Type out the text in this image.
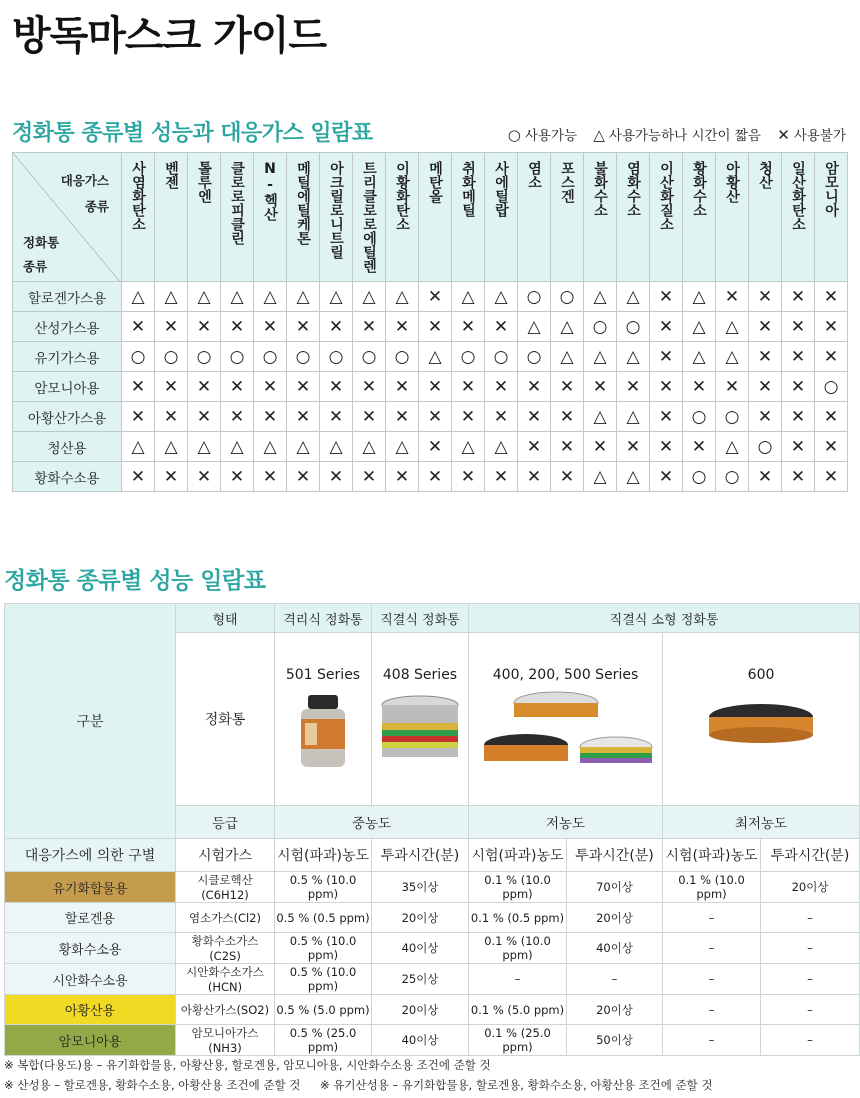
방독마스크 가이드
정화통 종류별 성능과 대응가스 일람표	○ 사용가능 △ 사용가능하나 시간이 짧음 ✕ 사용불가
대응가스
종류
정화통
종류	사염화탄소	벤젠	톨루엔	클로로피클린	N-헥산	메틸에틸케톤	아크릴로니트릴	트리클로로에틸렌	이황화탄소	메탄올	취화메틸	사에틸랍	염소	포스겐	불화수소	염화수소	이산화질소	황화수소	아황산	청산	일산화탄소	암모니아

할로겐가스용	△	△	△	△	△	△	△	△	△	✕	△	△	○	○	△	△	✕	△	✕	✕	✕	✕
산성가스용	✕	✕	✕	✕	✕	✕	✕	✕	✕	✕	✕	✕	△	△	○	○	✕	△	△	✕	✕	✕
유기가스용	○	○	○	○	○	○	○	○	○	△	○	○	○	△	△	△	✕	△	△	✕	✕	✕
암모니아용	✕	✕	✕	✕	✕	✕	✕	✕	✕	✕	✕	✕	✕	✕	✕	✕	✕	✕	✕	✕	✕	○
아황산가스용	✕	✕	✕	✕	✕	✕	✕	✕	✕	✕	✕	✕	✕	✕	△	△	✕	○	○	✕	✕	✕
청산용	△	△	△	△	△	△	△	△	△	✕	△	△	✕	✕	✕	✕	✕	✕	△	○	✕	✕
황화수소용	✕	✕	✕	✕	✕	✕	✕	✕	✕	✕	✕	✕	✕	✕	△	△	✕	○	○	✕	✕	✕
정화통 종류별 성능 일람표
구분	형태	격리식 정화통	직결식 정화통	직결식 소형 정화통			
	정화통	501 Series	408 Series	400, 200, 500 Series		600	

	등급	중농도		저농도		최저농도	
대응가스에 의한 구별	시험가스	시험(파과)농도	투과시간(분)	시험(파과)농도	투과시간(분)	시험(파과)농도	투과시간(분)
유기화합물용	시클로헥산(C6H12)	0.5 % (10.0 ppm)	35이상	0.1 % (10.0 ppm)	70이상	0.1 % (10.0 ppm)	20이상
할로겐용	염소가스(Cl2)	0.5 % (0.5 ppm)	20이상	0.1 % (0.5 ppm)	20이상	–	–
황화수소용	황화수소가스(C2S)	0.5 % (10.0 ppm)	40이상	0.1 % (10.0 ppm)	40이상	–	–
시안화수소용	시안화수소가스(HCN)	0.5 % (10.0 ppm)	25이상	–	–	–	–
아황산용	아황산가스(SO2)	0.5 % (5.0 ppm)	20이상	0.1 % (5.0 ppm)	20이상	–	–
암모니아용	암모니아가스(NH3)	0.5 % (25.0 ppm)	40이상	0.1 % (25.0 ppm)	50이상	–	–
※ 복합(다용도)용 – 유기화합물용, 아황산용, 할로겐용, 암모니아용, 시안화수소용 조건에 준할 것
※ 산성용 – 할로겐용, 황화수소용, 아황산용 조건에 준할 것 ※ 유기산성용 – 유기화합물용, 할로겐용, 황화수소용, 아황산용 조건에 준할 것
